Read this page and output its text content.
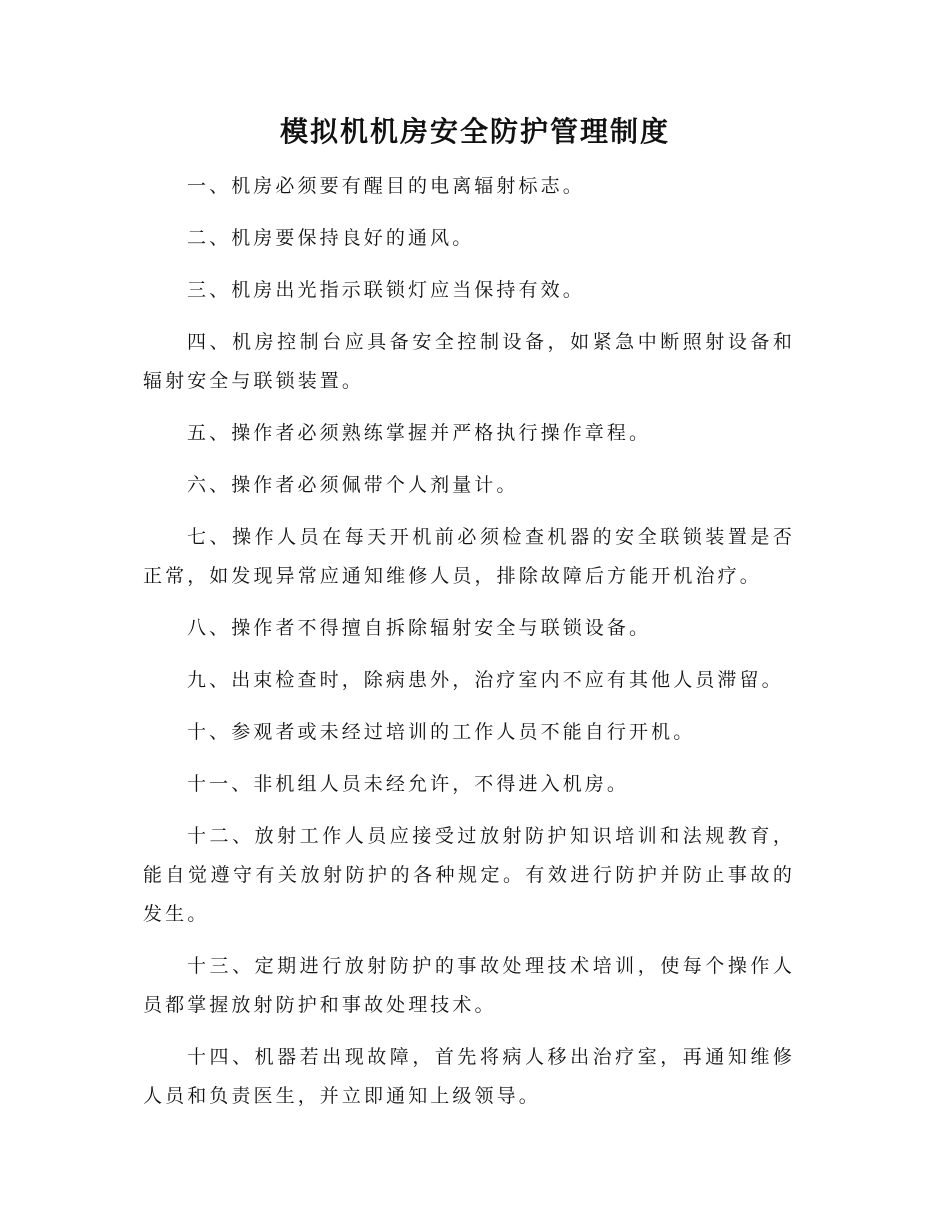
模拟机机房安全防护管理制度

一、机房必须要有醒目的电离辐射标志。

二、机房要保持良好的通风。

三、机房出光指示联锁灯应当保持有效。

四、机房控制台应具备安全控制设备，如紧急中断照射设备和辐射安全与联锁装置。

五、操作者必须熟练掌握并严格执行操作章程。

六、操作者必须佩带个人剂量计。

七、操作人员在每天开机前必须检查机器的安全联锁装置是否正常，如发现异常应通知维修人员，排除故障后方能开机治疗。

八、操作者不得擅自拆除辐射安全与联锁设备。

九、出束检查时，除病患外，治疗室内不应有其他人员滞留。

十、参观者或未经过培训的工作人员不能自行开机。

十一、非机组人员未经允许，不得进入机房。

十二、放射工作人员应接受过放射防护知识培训和法规教育，能自觉遵守有关放射防护的各种规定。有效进行防护并防止事故的发生。

十三、定期进行放射防护的事故处理技术培训，使每个操作人员都掌握放射防护和事故处理技术。

十四、机器若出现故障，首先将病人移出治疗室，再通知维修人员和负责医生，并立即通知上级领导。
